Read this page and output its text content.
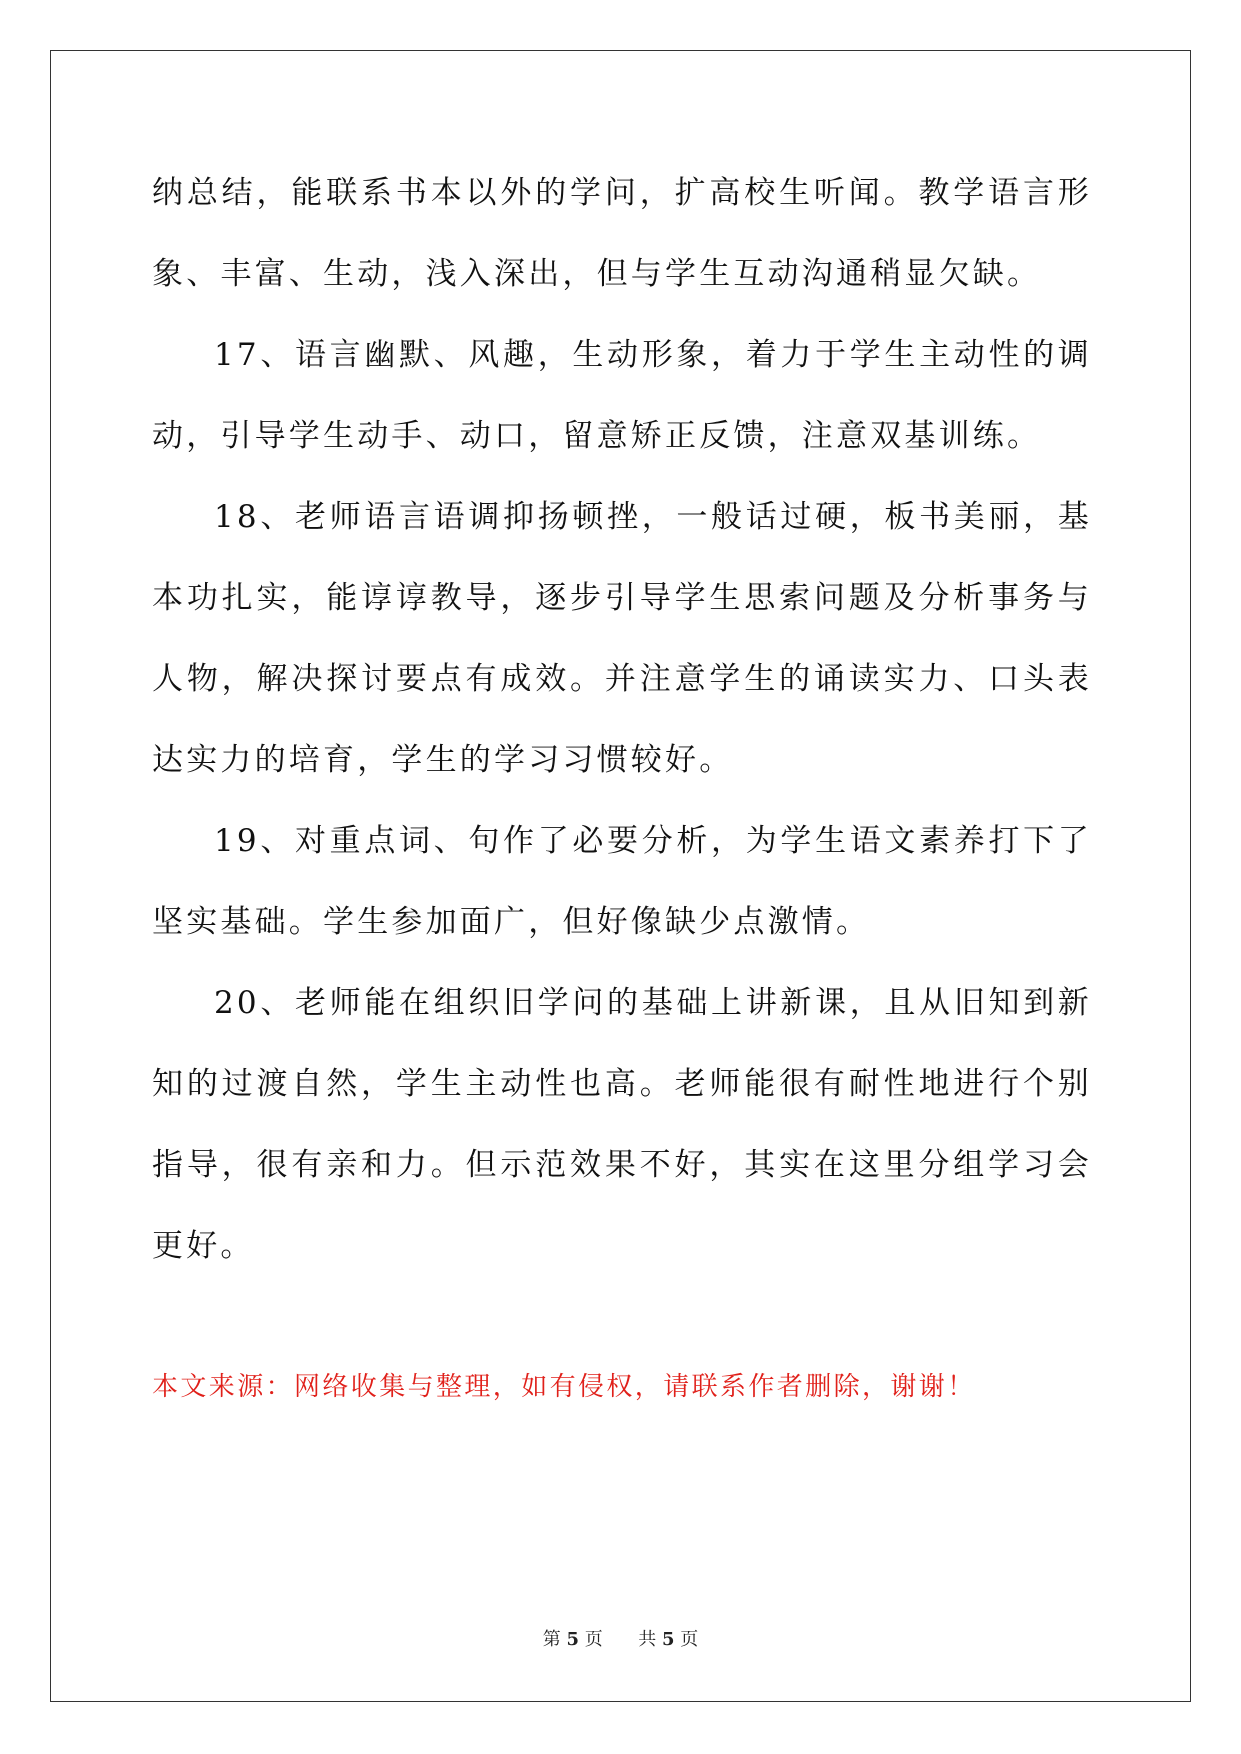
纳总结，能联系书本以外的学问，扩高校生听闻。教学语言形象、丰富、生动，浅入深出，但与学生互动沟通稍显欠缺。

17、语言幽默、风趣，生动形象，着力于学生主动性的调动，引导学生动手、动口，留意矫正反馈，注意双基训练。

18、老师语言语调抑扬顿挫，一般话过硬，板书美丽，基本功扎实，能谆谆教导，逐步引导学生思索问题及分析事务与人物，解决探讨要点有成效。并注意学生的诵读实力、口头表达实力的培育，学生的学习习惯较好。

19、对重点词、句作了必要分析，为学生语文素养打下了坚实基础。学生参加面广，但好像缺少点激情。

20、老师能在组织旧学问的基础上讲新课，且从旧知到新知的过渡自然，学生主动性也高。老师能很有耐性地进行个别指导，很有亲和力。但示范效果不好，其实在这里分组学习会更好。

本文来源：网络收集与整理，如有侵权，请联系作者删除，谢谢！

第 5 页 共 5 页
